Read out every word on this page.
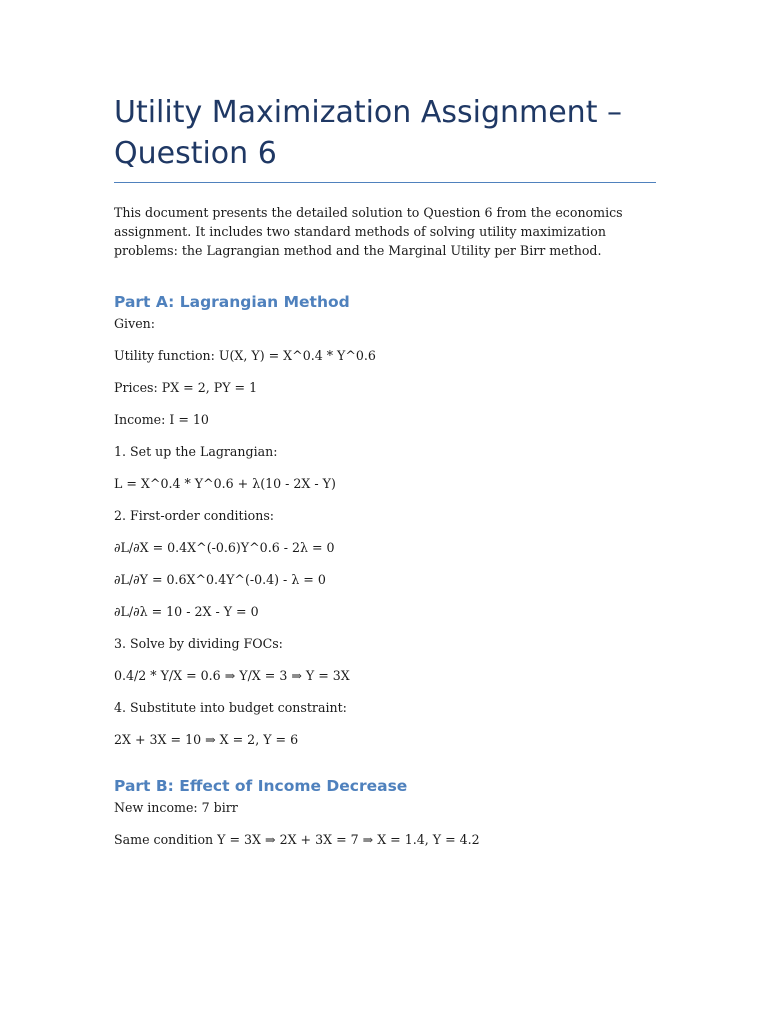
Utility Maximization Assignment – Question 6

This document presents the detailed solution to Question 6 from the economics assignment. It includes two standard methods of solving utility maximization problems: the Lagrangian method and the Marginal Utility per Birr method.

Part A: Lagrangian Method

Given:

Utility function: U(X, Y) = X^0.4 * Y^0.6

Prices: PX = 2, PY = 1

Income: I = 10

1. Set up the Lagrangian:

L = X^0.4 * Y^0.6 + λ(10 - 2X - Y)

2. First-order conditions:

∂L/∂X = 0.4X^(-0.6)Y^0.6 - 2λ = 0

∂L/∂Y = 0.6X^0.4Y^(-0.4) - λ = 0

∂L/∂λ = 10 - 2X - Y = 0

3. Solve by dividing FOCs:

0.4/2 * Y/X = 0.6 ⇒ Y/X = 3 ⇒ Y = 3X

4. Substitute into budget constraint:

2X + 3X = 10 ⇒ X = 2, Y = 6

Part B: Effect of Income Decrease

New income: 7 birr

Same condition Y = 3X ⇒ 2X + 3X = 7 ⇒ X = 1.4, Y = 4.2
